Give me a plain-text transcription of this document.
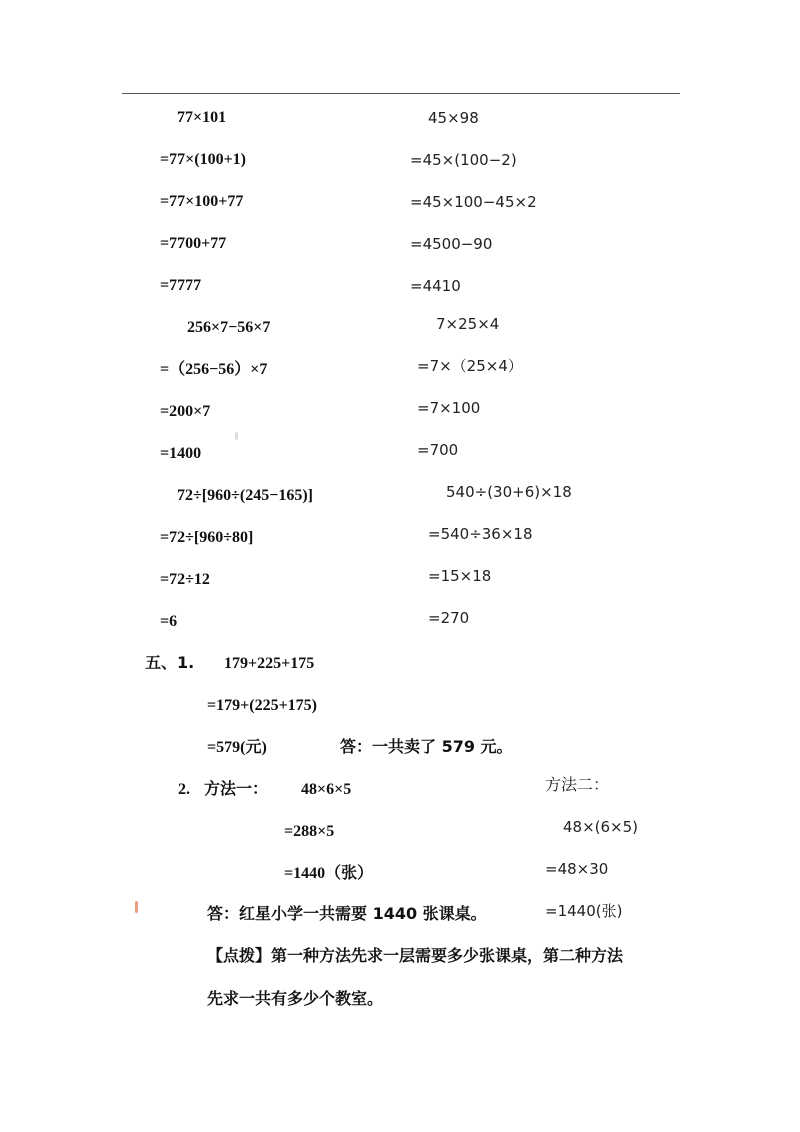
77×101
=77×(100+1)
=77×100+77
=7700+77
=7777
256×7−56×7
=（256−56）×7
=200×7
=1400
72÷[960÷(245−165)]
=72÷[960÷80]
=72÷12
=6
45×98
=45×(100−2)
=45×100−45×2
=4500−90
=4410
7×25×4
=7×（25×4）
=7×100
=700
540÷(30+6)×18
=540÷36×18
=15×18
=270
五、1. 179+225+175
=179+(225+175)
=579(元)	答：一共卖了 579 元。
2. 方法一： 48×6×5
=288×5
=1440（张）
方法二：
48×(6×5)
=48×30
=1440(张)
答：红星小学一共需要 1440 张课桌。
【点拨】第一种方法先求一层需要多少张课桌，第二种方法
先求一共有多少个教室。
